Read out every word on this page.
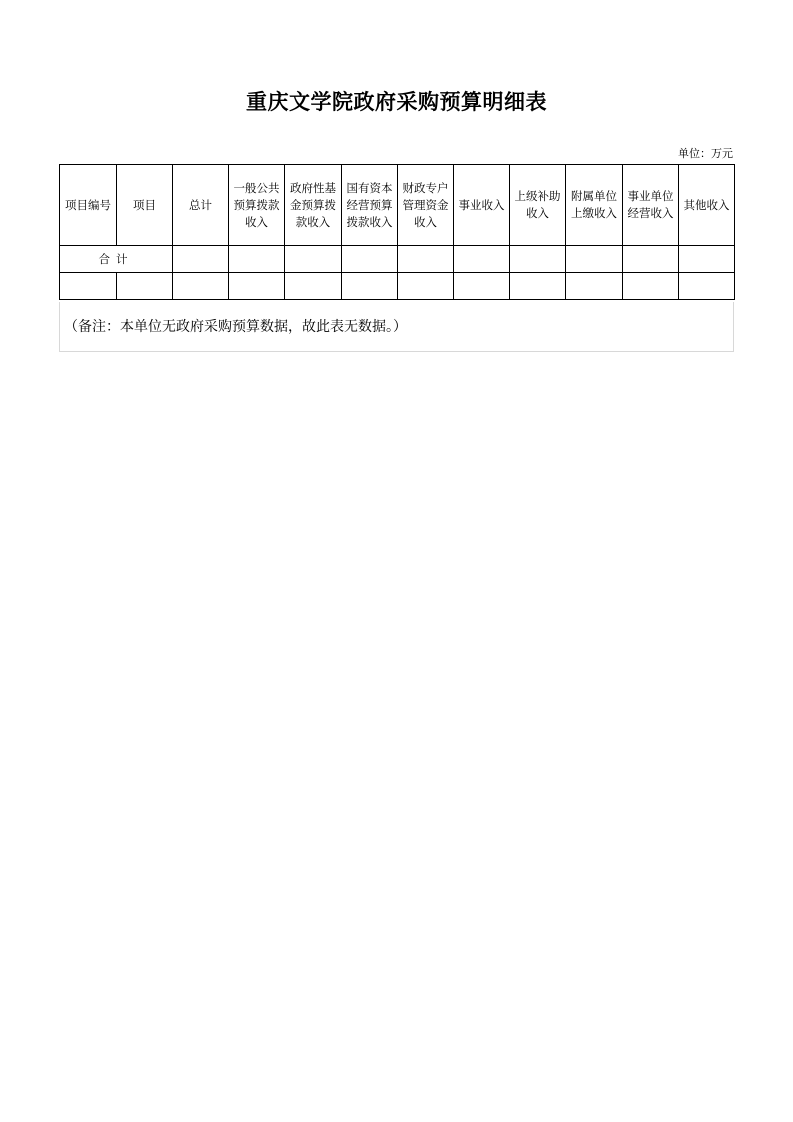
重庆文学院政府采购预算明细表
单位：万元
项目编号	项目	总计	一般公共
预算拨款
收入	政府性基
金预算拨
款收入	国有资本
经营预算
拨款收入	财政专户
管理资金
收入	事业收入	上级补助
收入	附属单位
上缴收入	事业单位
经营收入	其他收入
合计											

（备注：本单位无政府采购预算数据，故此表无数据。）
